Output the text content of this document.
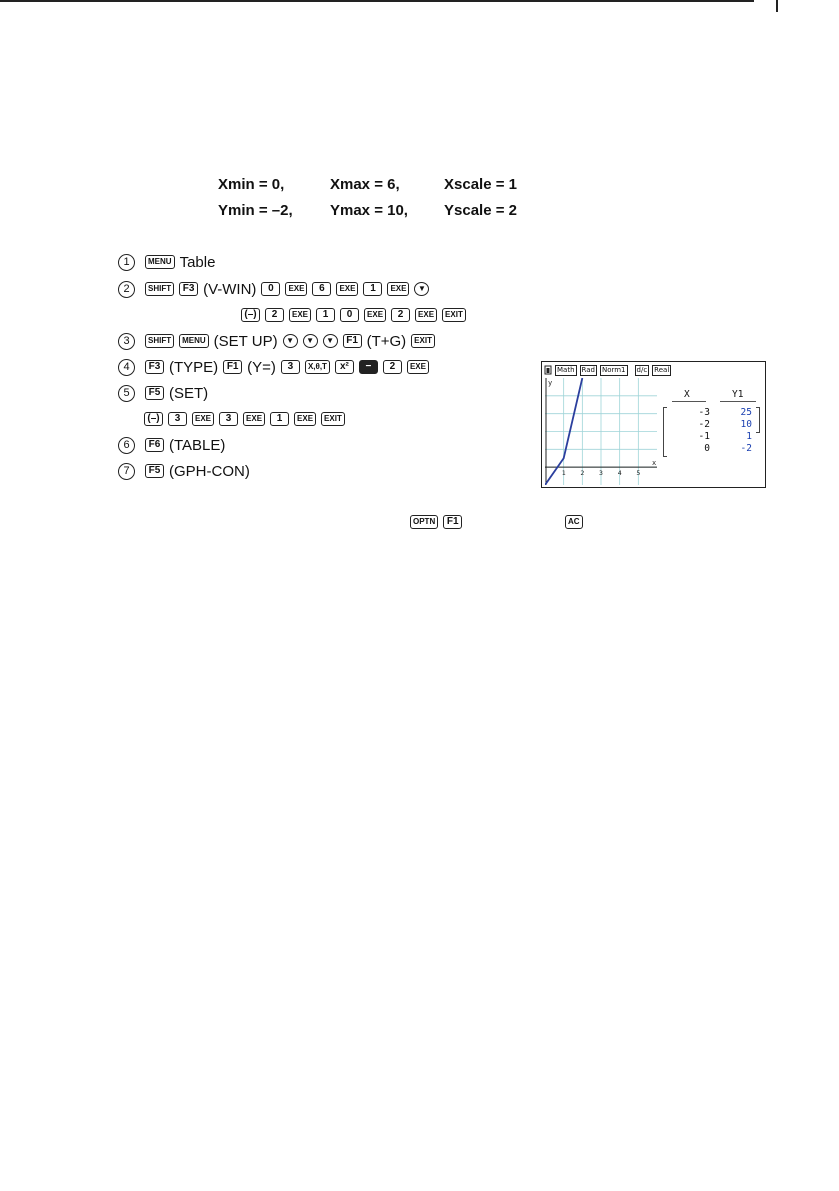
Xmin = 0,	Xmax = 6,	Xscale = 1
Ymin = –2, Ymax = 10, Yscale = 2
1	MENU Table
2	SHIFT	F3 (V-WIN)	0	EXE	6	EXE	1	EXE	▼
(–)	2	EXE	1	0	EXE	2	EXE	EXIT
3	SHIFT	MENU (SET UP)	▼	▼	▼	F1 (T+G)	EXIT
4	F3 (TYPE) F1 (Y=)	3	X,θ,T	x²	−	2	EXE
5	F5 (SET)
(–)	3	EXE	3	EXE	1	EXE	EXIT
6	F6 (TABLE)
7	F5 (GPH-CON)
Math Rad Norm1 d/c Real
1 2 3 4 5
x
y
X	Y1
-3	25
-2	10
-1	1
0	-2
OPTN	F1	AC
